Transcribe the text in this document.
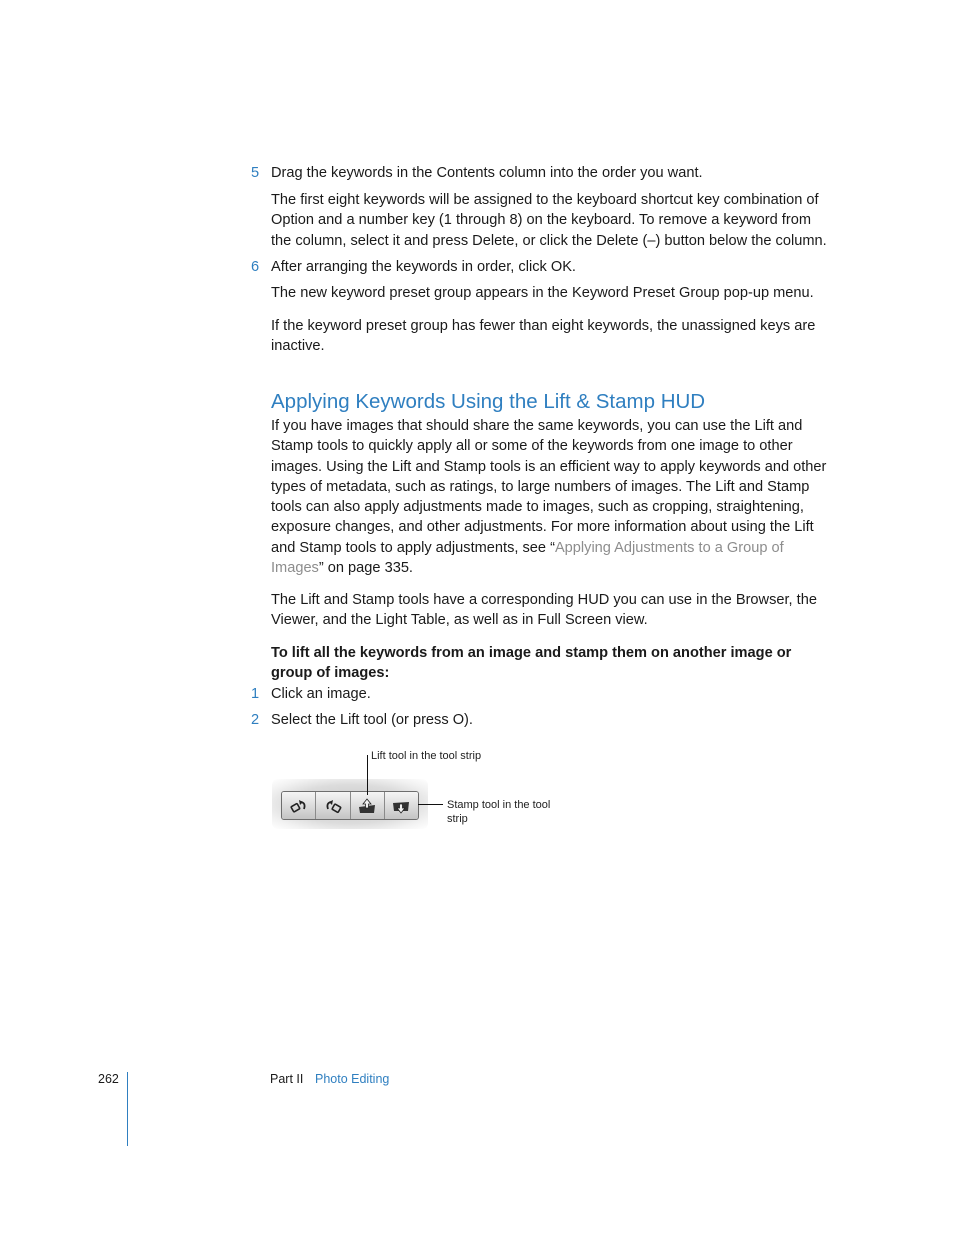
5 Drag the keywords in the Contents column into the order you want.

The first eight keywords will be assigned to the keyboard shortcut key combination of Option and a number key (1 through 8) on the keyboard. To remove a keyword from the column, select it and press Delete, or click the Delete (–) button below the column.

6 After arranging the keywords in order, click OK.

The new keyword preset group appears in the Keyword Preset Group pop-up menu.

If the keyword preset group has fewer than eight keywords, the unassigned keys are inactive.

Applying Keywords Using the Lift & Stamp HUD

If you have images that should share the same keywords, you can use the Lift and Stamp tools to quickly apply all or some of the keywords from one image to other images. Using the Lift and Stamp tools is an efficient way to apply keywords and other types of metadata, such as ratings, to large numbers of images. The Lift and Stamp tools can also apply adjustments made to images, such as cropping, straightening, exposure changes, and other adjustments. For more information about using the Lift and Stamp tools to apply adjustments, see “Applying Adjustments to a Group of Images” on page 335.

The Lift and Stamp tools have a corresponding HUD you can use in the Browser, the Viewer, and the Light Table, as well as in Full Screen view.

To lift all the keywords from an image and stamp them on another image or group of images:

1 Click an image.
2 Select the Lift tool (or press O).
Lift tool in the tool strip
Stamp tool in the tool strip
262	Part II Photo Editing
